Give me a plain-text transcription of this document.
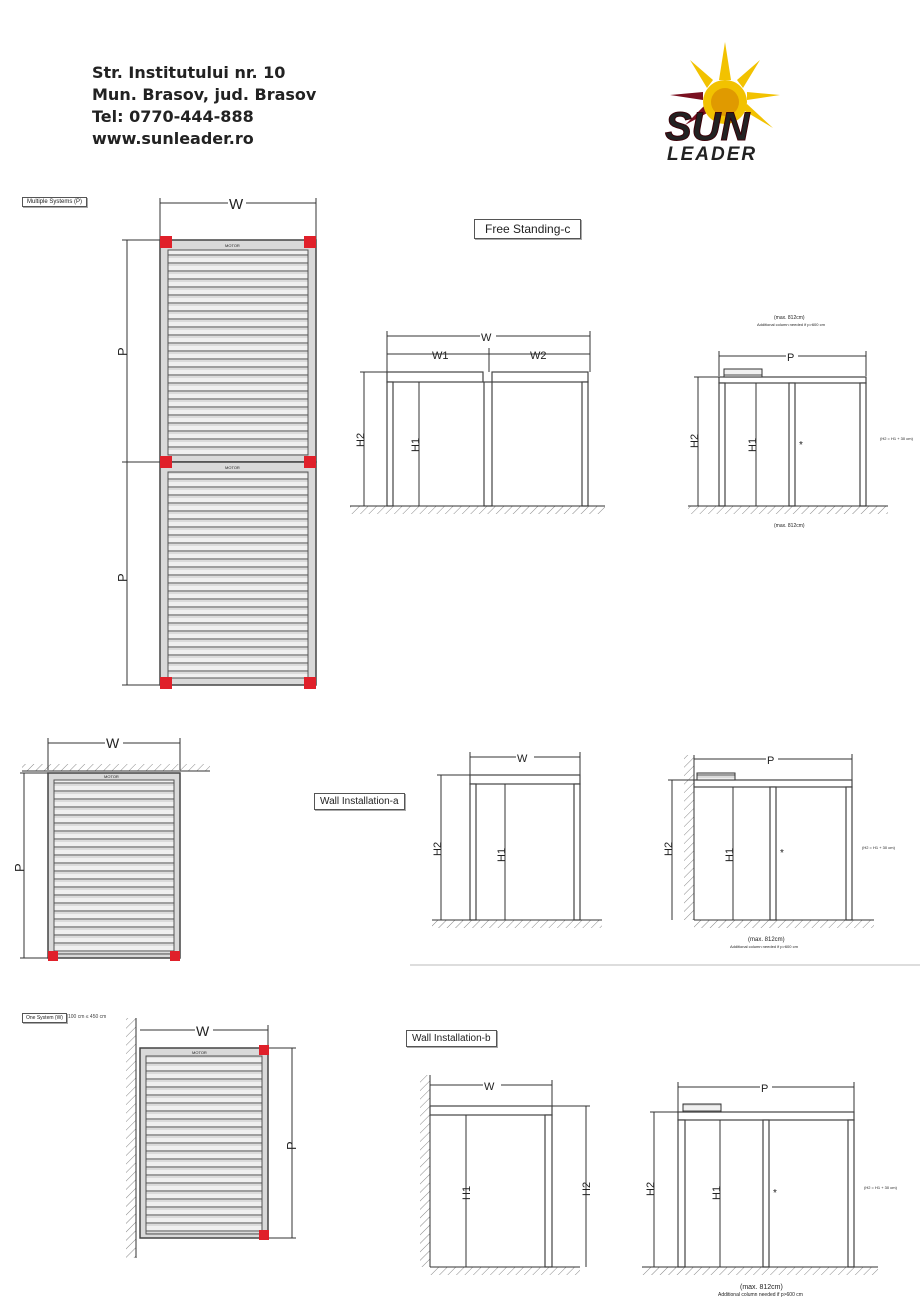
Str. Institutului nr. 10
Mun. Brasov, jud. Brasov
Tel: 0770-444-888
www.sunleader.ro	SUN
LEADER
Multiple Systems (P)
Free Standing-c
Wall Installation-a
Wall Installation-b
One System (W)	100 cm ≤ 450 cm
W
P
P
MOTOR
MOTOR
W
W1	W2
H2	H1
(max. 812cm)
Additional column needed if p>600 cm
P
*
(H2 = H1 + 30 cm)
H2	H1
(max. 812cm)
W
MOTOR
P
W
H2	H1
P
*
(H2 = H1 + 30 cm)
H2	H1
(max. 812cm)
Additional column needed if p>600 cm
W
MOTOR
P
W
H1	H2
P
*
(H2 = H1 + 30 cm)
H2	H1
(max. 812cm)
Additional column needed if p>600 cm
